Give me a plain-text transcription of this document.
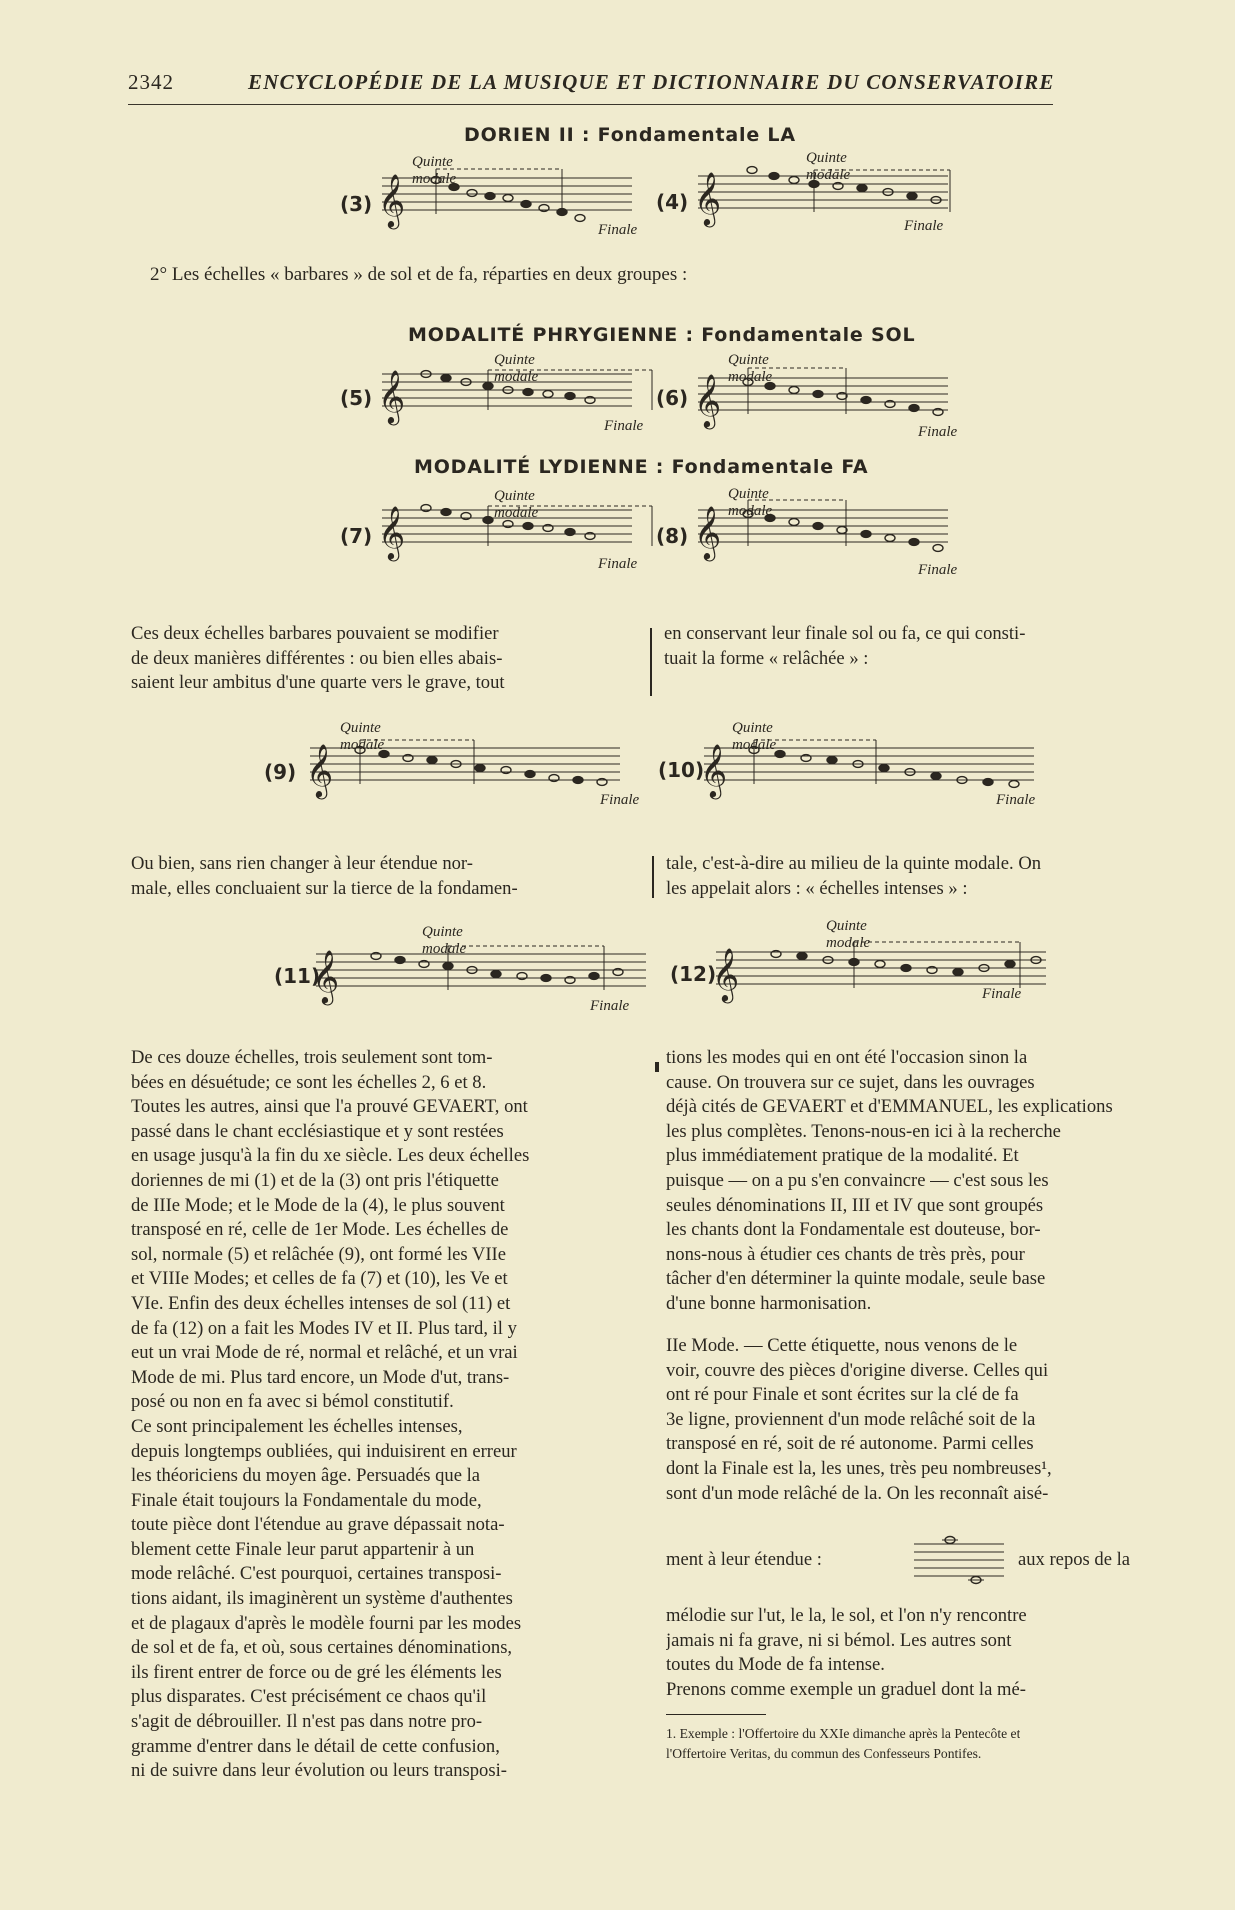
2342	ENCYCLOPÉDIE DE LA MUSIQUE ET DICTIONNAIRE DU CONSERVATOIRE
DORIEN II : Fondamentale LA
(3) 𝄞
Quinte modale
Finale
(4) 𝄞
Quinte modale
Finale
2° Les échelles « barbares » de sol et de fa, réparties en deux groupes :
MODALITÉ PHRYGIENNE : Fondamentale SOL
(5) 𝄞
Quinte modale
Finale
(6) 𝄞
Quinte modale
Finale
MODALITÉ LYDIENNE : Fondamentale FA
(7) 𝄞
Quinte modale
Finale
(8) 𝄞
Quinte modale
Finale
Ces deux échelles barbares pouvaient se modifier
de deux manières différentes : ou bien elles abais-
saient leur ambitus d'une quarte vers le grave, tout
en conservant leur finale sol ou fa, ce qui consti-
tuait la forme « relâchée » :
(9) 𝄞
Quinte modale
Finale
(10)
𝄞
Quinte modale
Finale
Ou bien, sans rien changer à leur étendue nor-
male, elles concluaient sur la tierce de la fondamen-
tale, c'est-à-dire au milieu de la quinte modale. On
les appelait alors : « échelles intenses » :
(11)
𝄞
Quinte modale
Finale
(12)
𝄞
Quinte modale
Finale
De ces douze échelles, trois seulement sont tom-
bées en désuétude; ce sont les échelles 2, 6 et 8.
Toutes les autres, ainsi que l'a prouvé GEVAERT, ont
passé dans le chant ecclésiastique et y sont restées
en usage jusqu'à la fin du xe siècle. Les deux échelles
doriennes de mi (1) et de la (3) ont pris l'étiquette
de IIIe Mode; et le Mode de la (4), le plus souvent
transposé en ré, celle de 1er Mode. Les échelles de
sol, normale (5) et relâchée (9), ont formé les VIIe
et VIIIe Modes; et celles de fa (7) et (10), les Ve et
VIe. Enfin des deux échelles intenses de sol (11) et
de fa (12) on a fait les Modes IV et II. Plus tard, il y
eut un vrai Mode de ré, normal et relâché, et un vrai
Mode de mi. Plus tard encore, un Mode d'ut, trans-
posé ou non en fa avec si bémol constitutif.
Ce sont principalement les échelles intenses,
depuis longtemps oubliées, qui induisirent en erreur
les théoriciens du moyen âge. Persuadés que la
Finale était toujours la Fondamentale du mode,
toute pièce dont l'étendue au grave dépassait nota-
blement cette Finale leur parut appartenir à un
mode relâché. C'est pourquoi, certaines transposi-
tions aidant, ils imaginèrent un système d'authentes
et de plagaux d'après le modèle fourni par les modes
de sol et de fa, et où, sous certaines dénominations,
ils firent entrer de force ou de gré les éléments les
plus disparates. C'est précisément ce chaos qu'il
s'agit de débrouiller. Il n'est pas dans notre pro-
gramme d'entrer dans le détail de cette confusion,
ni de suivre dans leur évolution ou leurs transposi-
tions les modes qui en ont été l'occasion sinon la
cause. On trouvera sur ce sujet, dans les ouvrages
déjà cités de GEVAERT et d'EMMANUEL, les explications
les plus complètes. Tenons-nous-en ici à la recherche
plus immédiatement pratique de la modalité. Et
puisque — on a pu s'en convaincre — c'est sous les
seules dénominations II, III et IV que sont groupés
les chants dont la Fondamentale est douteuse, bor-
nons-nous à étudier ces chants de très près, pour
tâcher d'en déterminer la quinte modale, seule base
d'une bonne harmonisation.
IIe Mode. — Cette étiquette, nous venons de le
voir, couvre des pièces d'origine diverse. Celles qui
ont ré pour Finale et sont écrites sur la clé de fa
3e ligne, proviennent d'un mode relâché soit de la
transposé en ré, soit de ré autonome. Parmi celles
dont la Finale est la, les unes, très peu nombreuses¹,
sont d'un mode relâché de la. On les reconnaît aisé-
ment à leur étendue :	aux repos de la
mélodie sur l'ut, le la, le sol, et l'on n'y rencontre
jamais ni fa grave, ni si bémol. Les autres sont
toutes du Mode de fa intense.
Prenons comme exemple un graduel dont la mé-
1. Exemple : l'Offertoire du XXIe dimanche après la Pentecôte et
l'Offertoire Veritas, du commun des Confesseurs Pontifes.
